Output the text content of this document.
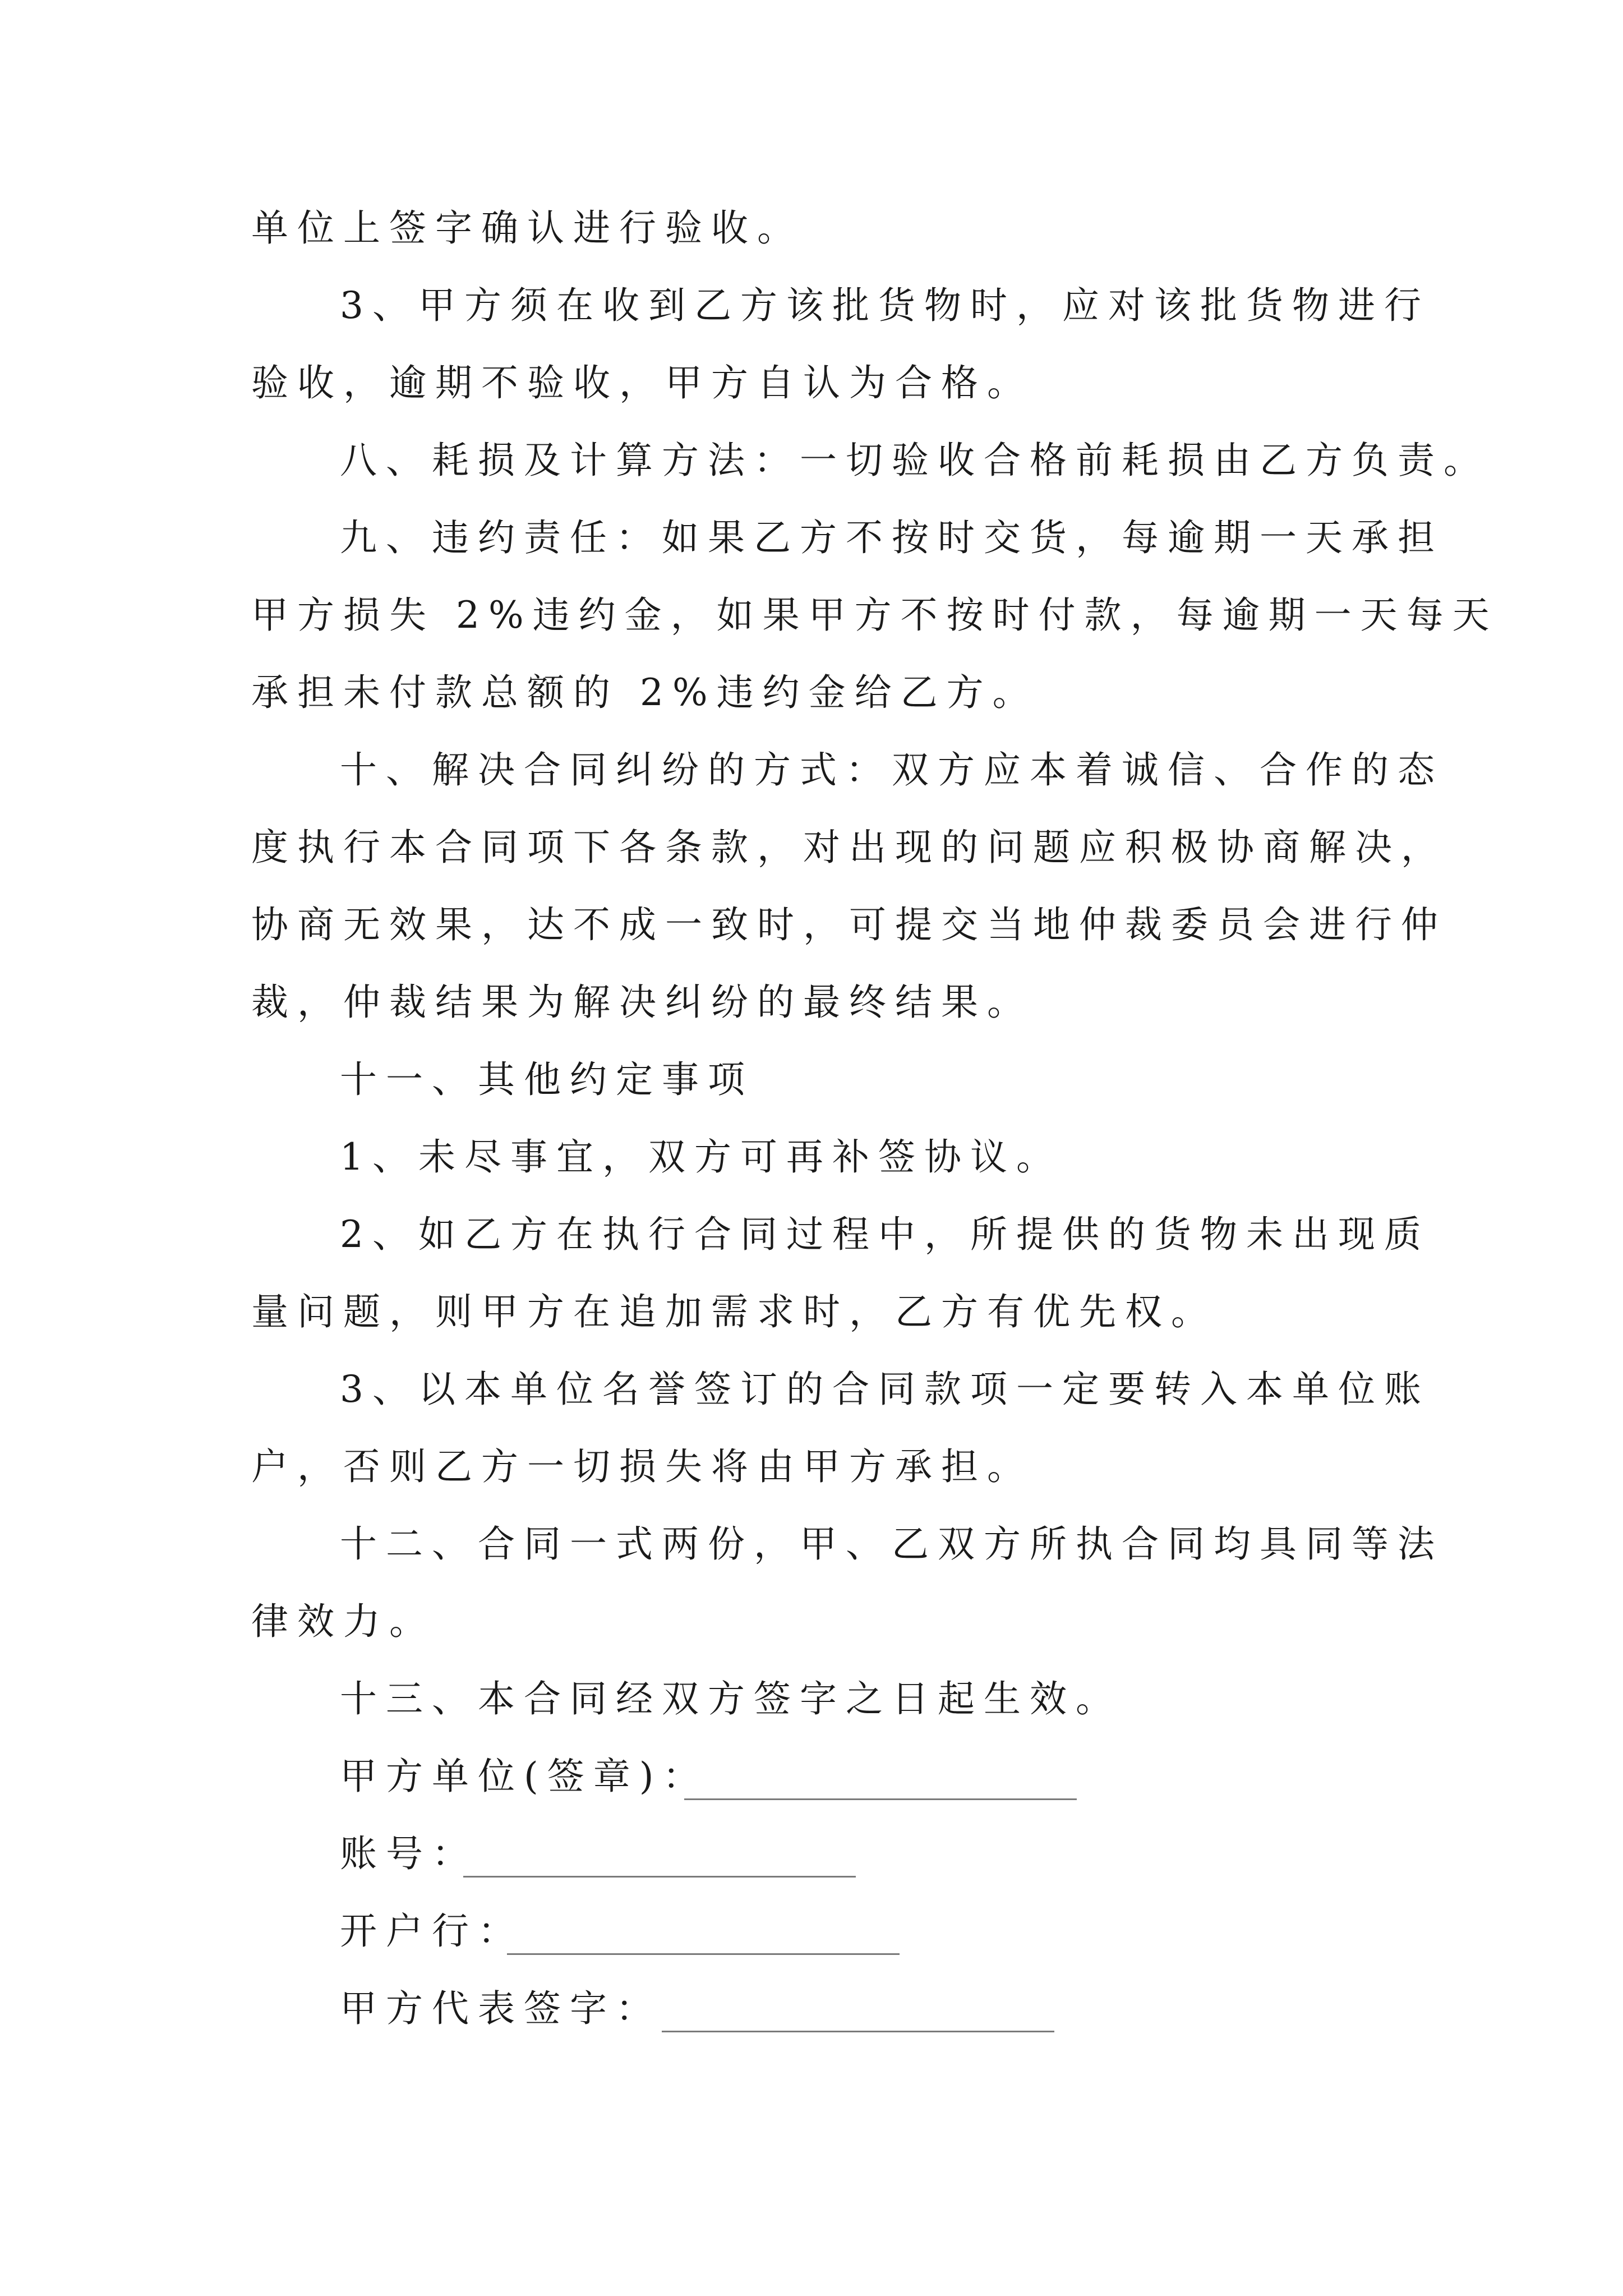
单位上签字确认进行验收。
3、甲方须在收到乙方该批货物时，应对该批货物进行
验收，逾期不验收，甲方自认为合格。
八、耗损及计算方法：一切验收合格前耗损由乙方负责。
九、违约责任：如果乙方不按时交货，每逾期一天承担
甲方损失 2%违约金，如果甲方不按时付款，每逾期一天每天
承担未付款总额的 2%违约金给乙方。
十、解决合同纠纷的方式：双方应本着诚信、合作的态
度执行本合同项下各条款，对出现的问题应积极协商解决，
协商无效果，达不成一致时，可提交当地仲裁委员会进行仲
裁，仲裁结果为解决纠纷的最终结果。
十一、其他约定事项
1、未尽事宜，双方可再补签协议。
2、如乙方在执行合同过程中，所提供的货物未出现质
量问题，则甲方在追加需求时，乙方有优先权。
3、以本单位名誉签订的合同款项一定要转入本单位账
户，否则乙方一切损失将由甲方承担。
十二、合同一式两份，甲、乙双方所执合同均具同等法
律效力。
十三、本合同经双方签字之日起生效。
甲方单位(签章)：
账号：
开户行：
甲方代表签字：
